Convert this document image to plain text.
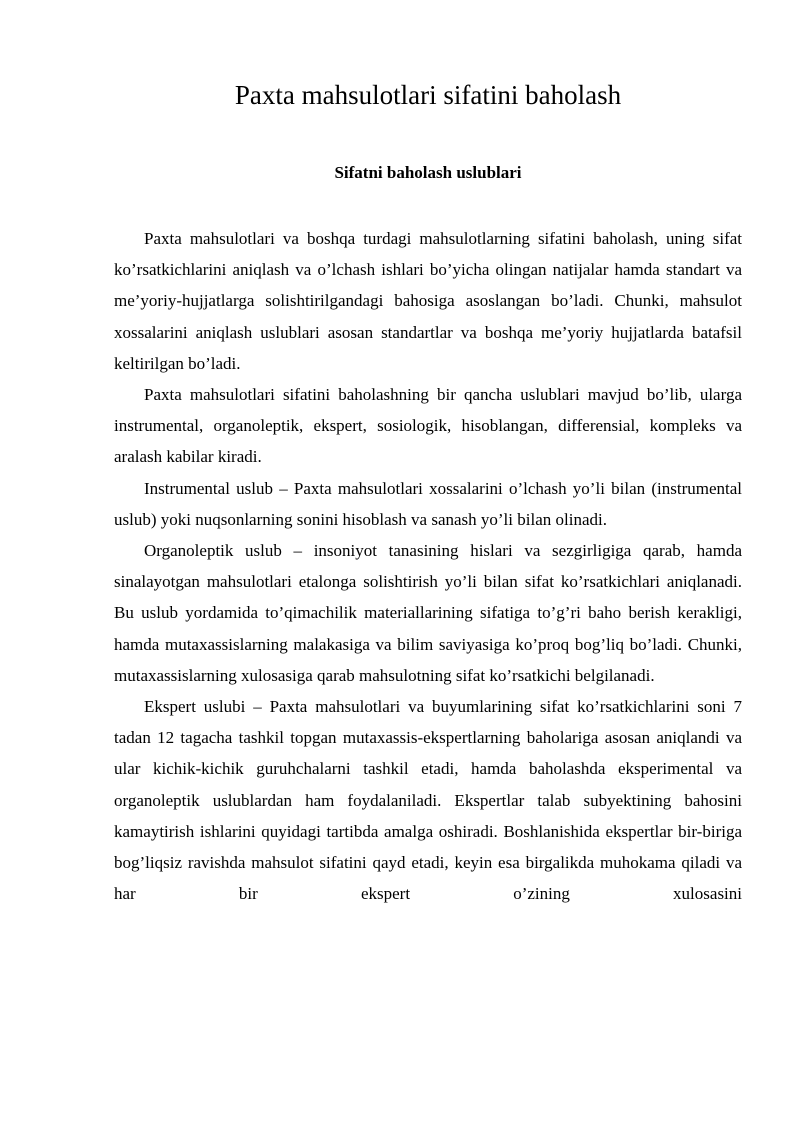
Paxta mahsulotlari sifatini baholash
Sifatni baholash uslublari

Paxta mahsulotlari va boshqa turdagi mahsulotlarning sifatini baholash, uning sifat ko’rsatkichlarini aniqlash va o’lchash ishlari bo’yicha olingan natijalar hamda standart va me’yoriy-hujjatlarga solishtirilgandagi bahosiga asoslangan bo’ladi. Chunki, mahsulot xossalarini aniqlash uslublari asosan standartlar va boshqa me’yoriy hujjatlarda batafsil keltirilgan bo’ladi.

Paxta mahsulotlari sifatini baholashning bir qancha uslublari mavjud bo’lib, ularga instrumental, organoleptik, ekspert, sosiologik, hisoblangan, differensial, kompleks va aralash kabilar kiradi.

Instrumental uslub – Paxta mahsulotlari xossalarini o’lchash yo’li bilan (instrumental uslub) yoki nuqsonlarning sonini hisoblash va sanash yo’li bilan olinadi.

Organoleptik uslub – insoniyot tanasining hislari va sezgirligiga qarab, hamda sinalayotgan mahsulotlari etalonga solishtirish yo’li bilan sifat ko’rsatkichlari aniqlanadi. Bu uslub yordamida to’qimachilik materiallarining sifatiga to’g’ri baho berish kerakligi, hamda mutaxassislarning malakasiga va bilim saviyasiga ko’proq bog’liq bo’ladi. Chunki, mutaxassislarning xulosasiga qarab mahsulotning sifat ko’rsatkichi belgilanadi.

Ekspert uslubi – Paxta mahsulotlari va buyumlarining sifat ko’rsatkichlarini soni 7 tadan 12 tagacha tashkil topgan mutaxassis-ekspertlarning baholariga asosan aniqlandi va ular kichik-kichik guruhchalarni tashkil etadi, hamda baholashda eksperimental va organoleptik uslublardan ham foydalaniladi. Ekspertlar talab subyektining bahosini kamaytirish ishlarini quyidagi tartibda amalga oshiradi. Boshlanishida ekspertlar bir-biriga bog’liqsiz ravishda mahsulot sifatini qayd etadi, keyin esa birgalikda muhokama qiladi va har bir ekspert o’zining xulosasini
